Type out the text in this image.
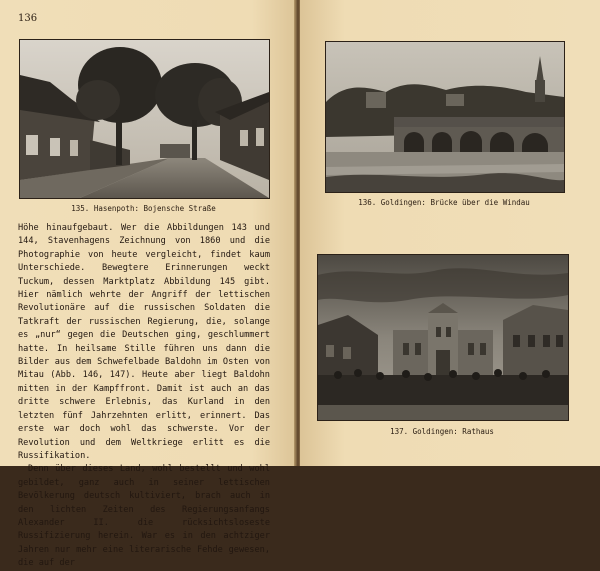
136
135. Hasenpoth: Bojensche Straße

Höhe hinaufgebaut. Wer die Abbildungen 143 und 144, Stavenhagens Zeichnung von 1860 und die Photographie von heute vergleicht, findet kaum Unterschiede. Bewegtere Erinnerungen weckt Tuckum, dessen Marktplatz Abbildung 145 gibt. Hier nämlich wehrte der Angriff der lettischen Revolutionäre auf die russischen Soldaten die Tatkraft der russischen Regierung, die, solange es „nur“ gegen die Deutschen ging, geschlummert hatte. In heilsame Stille führen uns dann die Bilder aus dem Schwefelbade Baldohn im Osten von Mitau (Abb. 146, 147). Heute aber liegt Baldohn mitten in der Kampffront. Damit ist auch an das dritte schwere Erlebnis, das Kurland in den letzten fünf Jahrzehnten erlitt, erinnert. Das erste war doch wohl das schwerste. Vor der Revolution und dem Weltkriege erlitt es die Russifikation.

Denn über dieses Land, wohl bestellt und wohl gebildet, ganz auch in seiner lettischen Bevölkerung deutsch kultiviert, brach auch in den lichten Zeiten des Regierungsanfangs Alexander II. die rücksichtsloseste Russifizierung herein. War es in den achtziger Jahren nur mehr eine literarische Fehde gewesen, die auf der

136. Goldingen: Brücke über die Windau
137. Goldingen: Rathaus
